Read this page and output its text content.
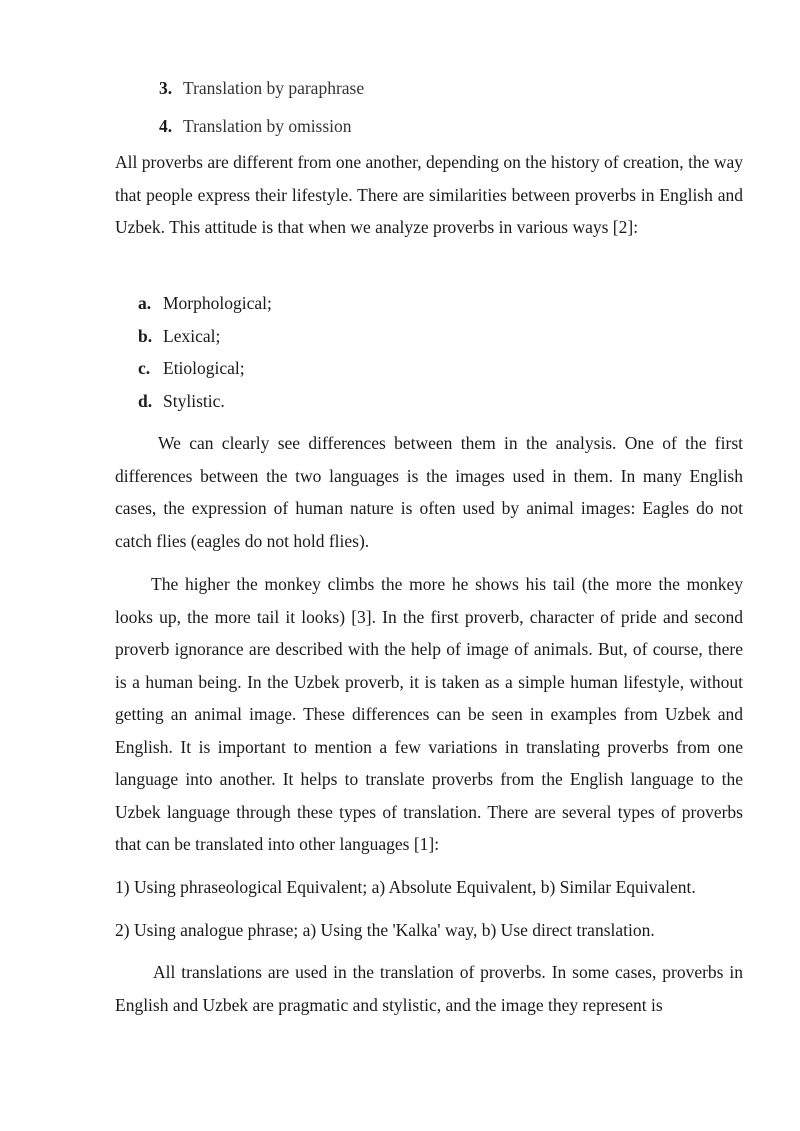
3. Translation by paraphrase
4. Translation by omission

All proverbs are different from one another, depending on the history of creation, the way that people express their lifestyle. There are similarities between proverbs in English and Uzbek. This attitude is that when we analyze proverbs in various ways [2]:

a. Morphological;
b. Lexical;
c. Etiological;
d. Stylistic.

We can clearly see differences between them in the analysis. One of the first differences between the two languages is the images used in them. In many English cases, the expression of human nature is often used by animal images: Eagles do not catch flies (eagles do not hold flies).

The higher the monkey climbs the more he shows his tail (the more the monkey looks up, the more tail it looks) [3]. In the first proverb, character of pride and second proverb ignorance are described with the help of image of animals. But, of course, there is a human being. In the Uzbek proverb, it is taken as a simple human lifestyle, without getting an animal image. These differences can be seen in examples from Uzbek and English. It is important to mention a few variations in translating proverbs from one language into another. It helps to translate proverbs from the English language to the Uzbek language through these types of translation. There are several types of proverbs that can be translated into other languages [1]:

1) Using phraseological Equivalent; a) Absolute Equivalent, b) Similar Equivalent.
2) Using analogue phrase; a) Using the 'Kalka' way, b) Use direct translation.

All translations are used in the translation of proverbs. In some cases, proverbs in English and Uzbek are pragmatic and stylistic, and the image they represent is
